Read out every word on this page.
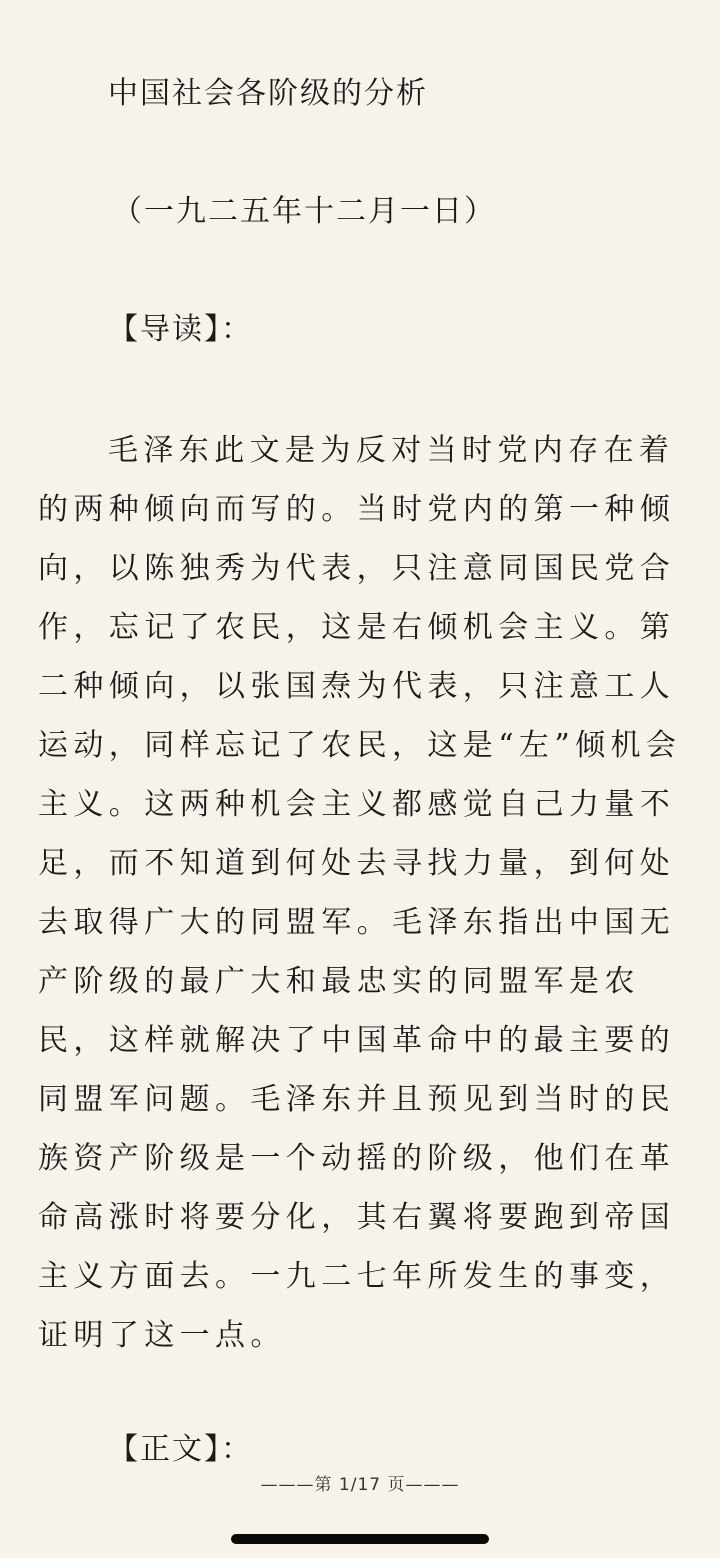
中国社会各阶级的分析
（一九二五年十二月一日）
【导读】：

毛泽东此文是为反对当时党内存在着的两种倾向而写的。当时党内的第一种倾向，以陈独秀为代表，只注意同国民党合作，忘记了农民，这是右倾机会主义。第二种倾向，以张国焘为代表，只注意工人运动，同样忘记了农民，这是“左”倾机会主义。这两种机会主义都感觉自己力量不足，而不知道到何处去寻找力量，到何处去取得广大的同盟军。毛泽东指出中国无产阶级的最广大和最忠实的同盟军是农民，这样就解决了中国革命中的最主要的同盟军问题。毛泽东并且预见到当时的民族资产阶级是一个动摇的阶级，他们在革命高涨时将要分化，其右翼将要跑到帝国主义方面去。一九二七年所发生的事变，证明了这一点。

【正文】：
———第 1/17 页———
